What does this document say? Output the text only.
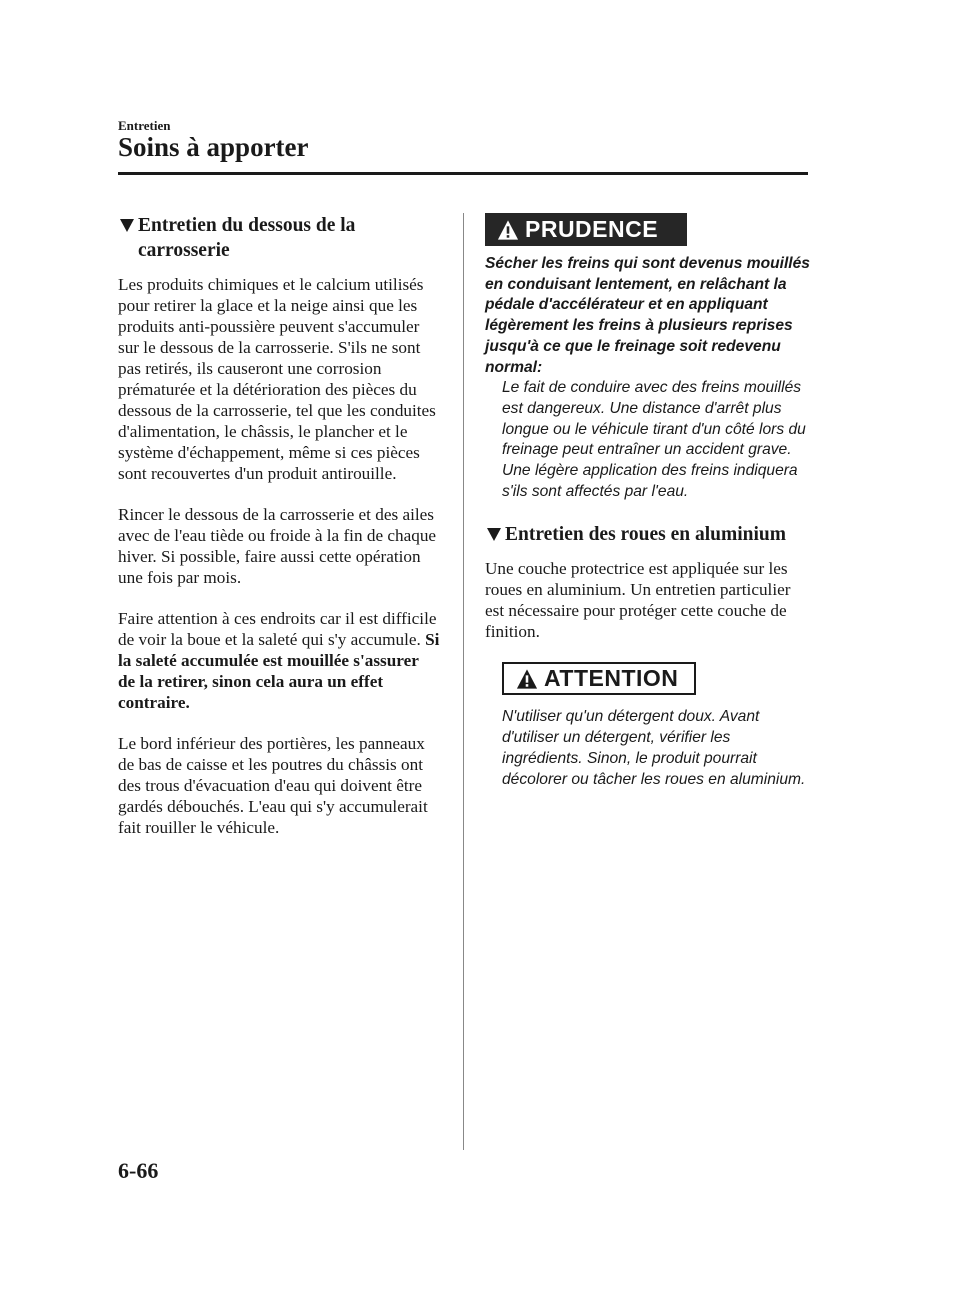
Entretien
Soins à apporter
Entretien du dessous de la carrosserie

Les produits chimiques et le calcium utilisés pour retirer la glace et la neige ainsi que les produits anti-poussière peuvent s'accumuler sur le dessous de la carrosserie. S'ils ne sont pas retirés, ils causeront une corrosion prématurée et la détérioration des pièces du dessous de la carrosserie, tel que les conduites d'alimentation, le châssis, le plancher et le système d'échappement, même si ces pièces sont recouvertes d'un produit antirouille.

Rincer le dessous de la carrosserie et des ailes avec de l'eau tiède ou froide à la fin de chaque hiver. Si possible, faire aussi cette opération une fois par mois.

Faire attention à ces endroits car il est difficile de voir la boue et la saleté qui s'y accumule. Si la saleté accumulée est mouillée s'assurer de la retirer, sinon cela aura un effet contraire.

Le bord inférieur des portières, les panneaux de bas de caisse et les poutres du châssis ont des trous d'évacuation d'eau qui doivent être gardés débouchés. L'eau qui s'y accumulerait fait rouiller le véhicule.

PRUDENCE

Sécher les freins qui sont devenus mouillés en conduisant lentement, en relâchant la pédale d'accélérateur et en appliquant légèrement les freins à plusieurs reprises jusqu'à ce que le freinage soit redevenu normal:

Le fait de conduire avec des freins mouillés est dangereux. Une distance d'arrêt plus longue ou le véhicule tirant d'un côté lors du freinage peut entraîner un accident grave. Une légère application des freins indiquera s'ils sont affectés par l'eau.

Entretien des roues en aluminium

Une couche protectrice est appliquée sur les roues en aluminium. Un entretien particulier est nécessaire pour protéger cette couche de finition.

ATTENTION

N'utiliser qu'un détergent doux. Avant d'utiliser un détergent, vérifier les ingrédients. Sinon, le produit pourrait décolorer ou tâcher les roues en aluminium.

6-66
